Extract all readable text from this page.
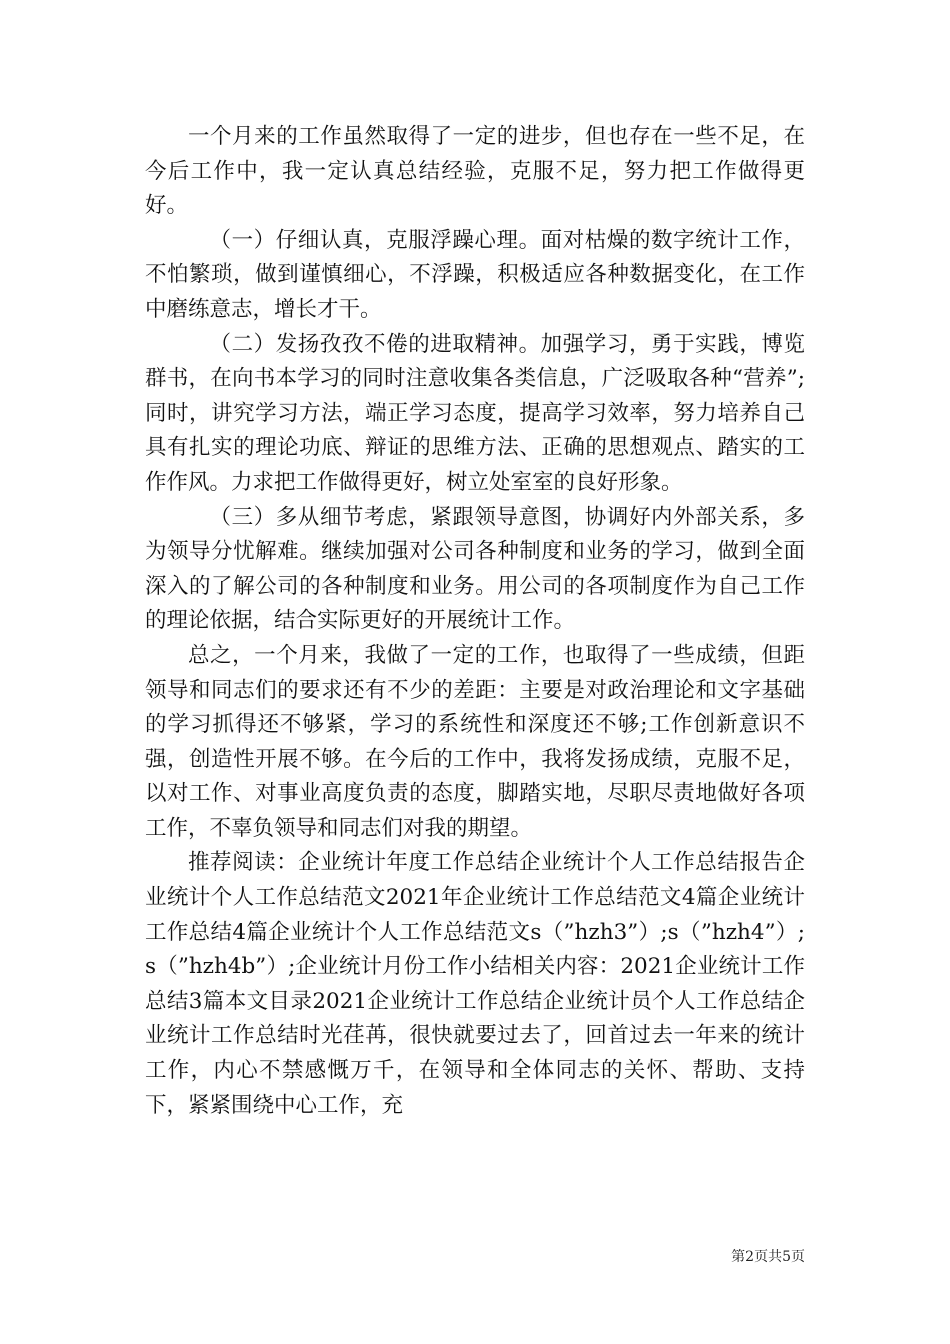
一个月来的工作虽然取得了一定的进步，但也存在一些不足，在今后工作中，我一定认真总结经验，克服不足，努力把工作做得更好。

（一）仔细认真，克服浮躁心理。面对枯燥的数字统计工作，不怕繁琐，做到谨慎细心，不浮躁，积极适应各种数据变化，在工作中磨练意志，增长才干。

（二）发扬孜孜不倦的进取精神。加强学习，勇于实践，博览群书，在向书本学习的同时注意收集各类信息，广泛吸取各种“营养”;同时，讲究学习方法，端正学习态度，提高学习效率，努力培养自己具有扎实的理论功底、辩证的思维方法、正确的思想观点、踏实的工作作风。力求把工作做得更好，树立处室室的良好形象。

（三）多从细节考虑，紧跟领导意图，协调好内外部关系，多为领导分忧解难。继续加强对公司各种制度和业务的学习，做到全面深入的了解公司的各种制度和业务。用公司的各项制度作为自己工作的理论依据，结合实际更好的开展统计工作。

总之，一个月来，我做了一定的工作，也取得了一些成绩，但距领导和同志们的要求还有不少的差距：主要是对政治理论和文字基础的学习抓得还不够紧，学习的系统性和深度还不够;工作创新意识不强，创造性开展不够。在今后的工作中，我将发扬成绩，克服不足，以对工作、对事业高度负责的态度，脚踏实地，尽职尽责地做好各项工作，不辜负领导和同志们对我的期望。

推荐阅读：企业统计年度工作总结企业统计个人工作总结报告企业统计个人工作总结范文2021年企业统计工作总结范文4篇企业统计工作总结4篇企业统计个人工作总结范文s（”hzh3”）;s（”hzh4”）;s（”hzh4b”）;企业统计月份工作小结相关内容：2021企业统计工作总结3篇本文目录2021企业统计工作总结企业统计员个人工作总结企业统计工作总结时光荏苒，很快就要过去了，回首过去一年来的统计工作，内心不禁感慨万千，在领导和全体同志的关怀、帮助、支持下，紧紧围绕中心工作，充

第2页共5页
